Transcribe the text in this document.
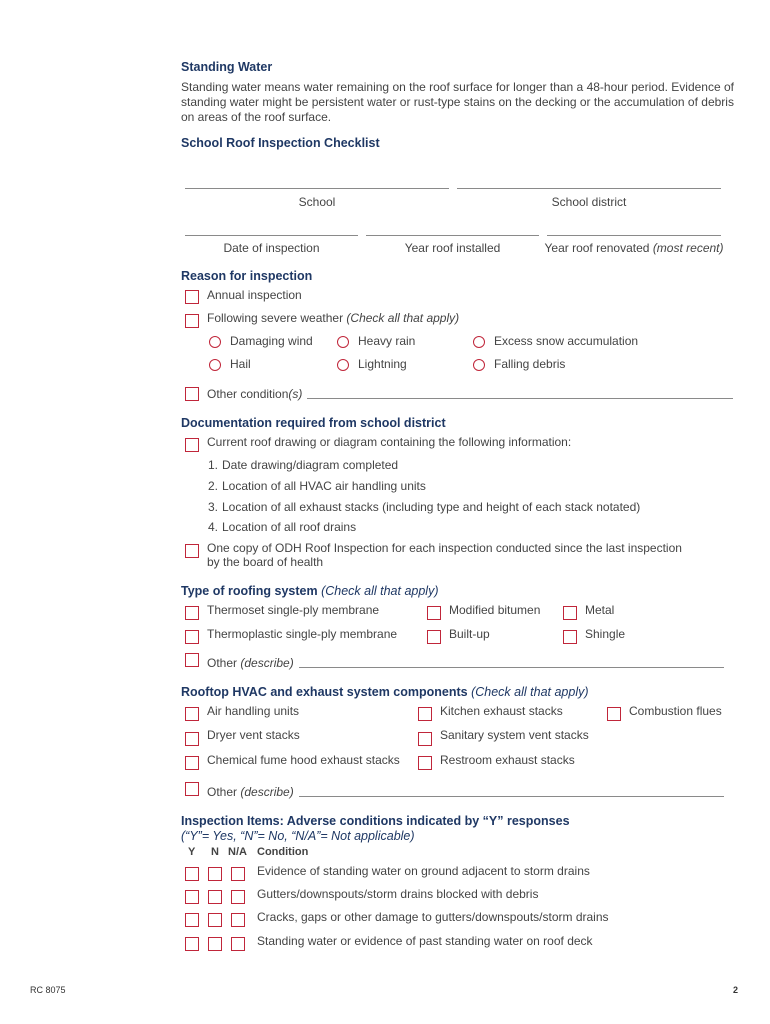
Standing Water
Standing water means water remaining on the roof surface for longer than a 48-hour period. Evidence of standing water might be persistent water or rust-type stains on the decking or the accumulation of debris on areas of the roof surface.
School Roof Inspection Checklist
School	School district
Date of inspection	Year roof installed	Year roof renovated (most recent)
Reason for inspection
Annual inspection
Following severe weather (Check all that apply)
Damaging wind	Heavy rain	Excess snow accumulation
Hail	Lightning	Falling debris
Other condition(s)
Documentation required from school district
Current roof drawing or diagram containing the following information:
1. Date drawing/diagram completed
2. Location of all HVAC air handling units
3. Location of all exhaust stacks (including type and height of each stack notated)
4. Location of all roof drains
One copy of ODH Roof Inspection for each inspection conducted since the last inspection
by the board of health
Type of roofing system (Check all that apply)
Thermoset single-ply membrane	Modified bitumen	Metal
Thermoplastic single-ply membrane	Built-up	Shingle
Other (describe)
Rooftop HVAC and exhaust system components (Check all that apply)
Air handling units	Kitchen exhaust stacks	Combustion flues
Dryer vent stacks	Sanitary system vent stacks
Chemical fume hood exhaust stacks	Restroom exhaust stacks
Other (describe)
Inspection Items: Adverse conditions indicated by “Y” responses
(“Y”= Yes, “N”= No, “N/A”= Not applicable)
Y N N/A Condition
Evidence of standing water on ground adjacent to storm drains
Gutters/downspouts/storm drains blocked with debris
Cracks, gaps or other damage to gutters/downspouts/storm drains
Standing water or evidence of past standing water on roof deck
RC 8075	2
